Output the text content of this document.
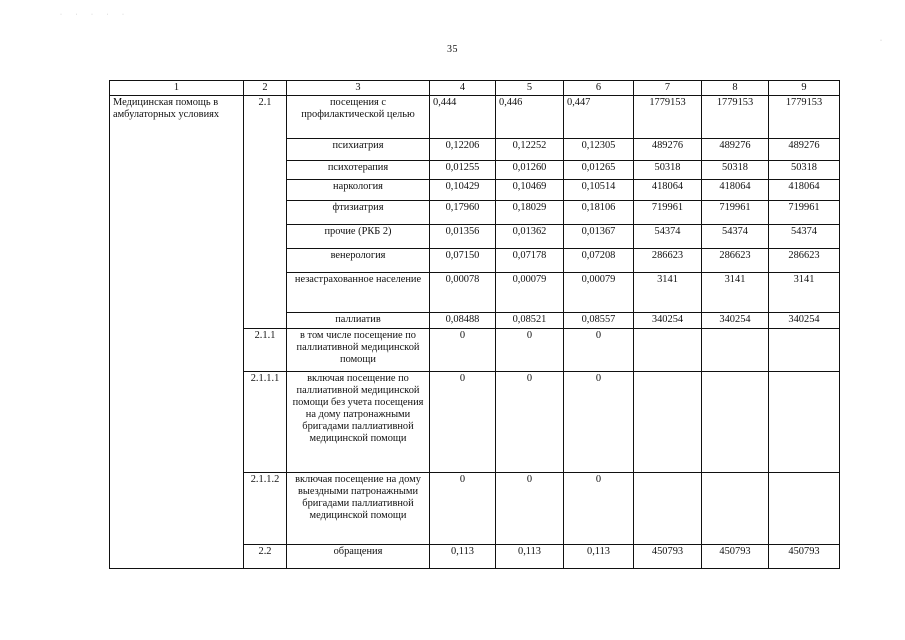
· · · · ·
·
35
1	2	3	4	5	6	7	8	9
Медицинская помощь в амбулаторных условиях	2.1	посещения с профилактической целью	0,444	0,446	0,447	1779153	1779153	1779153
		психиатрия	0,12206	0,12252	0,12305	489276	489276	489276
		психотерапия	0,01255	0,01260	0,01265	50318	50318	50318
		наркология	0,10429	0,10469	0,10514	418064	418064	418064
		фтизиатрия	0,17960	0,18029	0,18106	719961	719961	719961
		прочие (РКБ 2)	0,01356	0,01362	0,01367	54374	54374	54374
		венерология	0,07150	0,07178	0,07208	286623	286623	286623
		незастрахованное население	0,00078	0,00079	0,00079	3141	3141	3141
		паллиатив	0,08488	0,08521	0,08557	340254	340254	340254
	2.1.1	в том числе посещение по паллиативной медицинской помощи	0	0	0			
	2.1.1.1	включая посещение по паллиативной медицинской помощи без учета посещения на дому патронажными бригадами паллиативной медицинской помощи	0	0	0			
	2.1.1.2	включая посещение на дому выездными патронажными бригадами паллиативной медицинской помощи	0	0	0			
	2.2	обращения	0,113	0,113	0,113	450793	450793	450793
